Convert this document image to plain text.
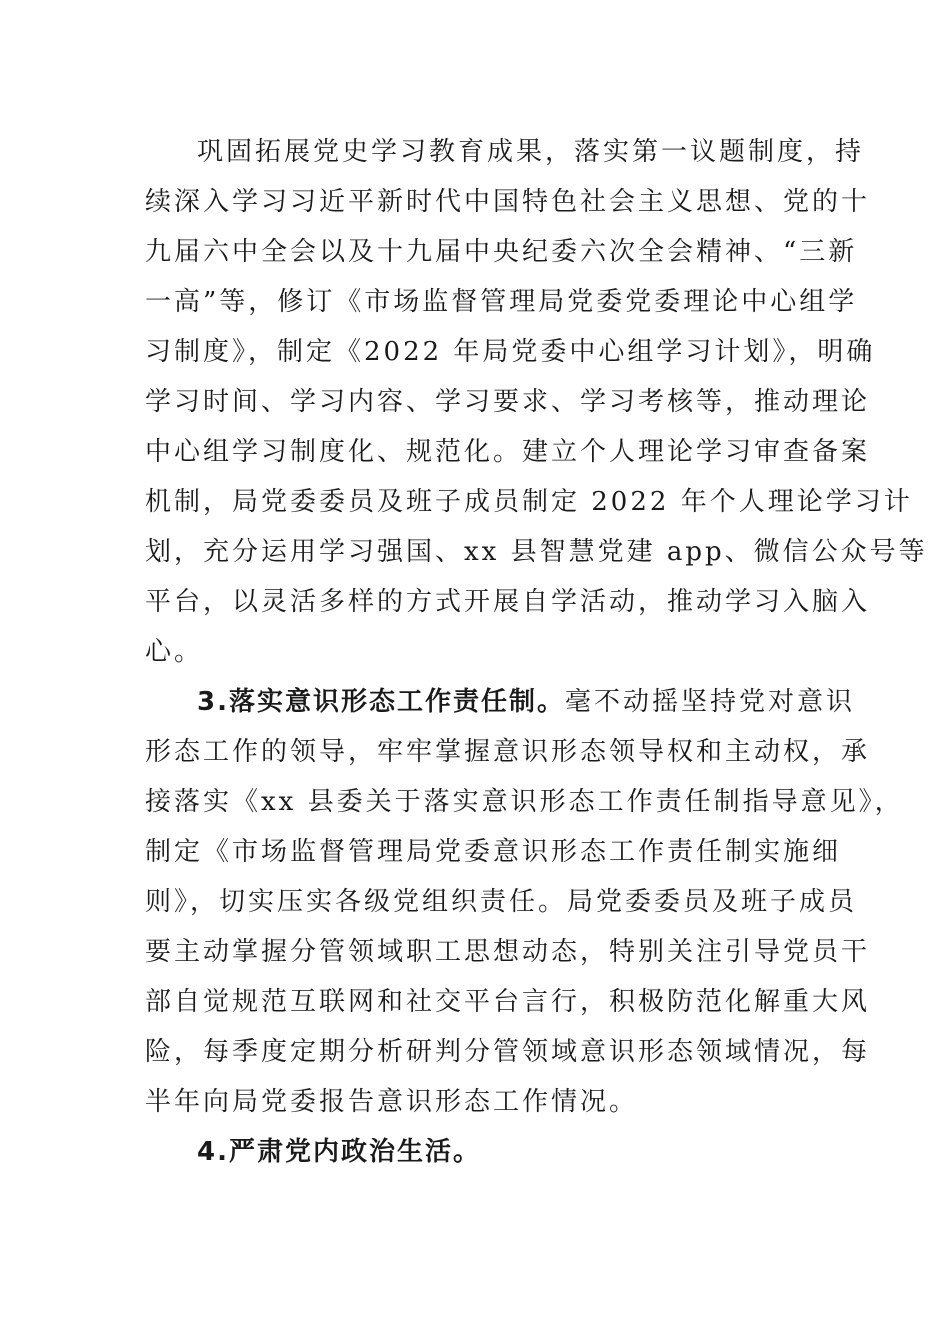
巩固拓展党史学习教育成果，落实第一议题制度，持
续深入学习习近平新时代中国特色社会主义思想、党的十
九届六中全会以及十九届中央纪委六次全会精神、“三新
一高”等，修订《市场监督管理局党委党委理论中心组学
习制度》，制定《2022 年局党委中心组学习计划》，明确
学习时间、学习内容、学习要求、学习考核等，推动理论
中心组学习制度化、规范化。建立个人理论学习审查备案
机制，局党委委员及班子成员制定 2022 年个人理论学习计
划，充分运用学习强国、xx 县智慧党建 app、微信公众号等
平台，以灵活多样的方式开展自学活动，推动学习入脑入
心。
3.落实意识形态工作责任制。 毫不动摇坚持党对意识
形态工作的领导，牢牢掌握意识形态领导权和主动权，承
接落实《xx 县委关于落实意识形态工作责任制指导意见》，
制定《市场监督管理局党委意识形态工作责任制实施细
则》，切实压实各级党组织责任。局党委委员及班子成员
要主动掌握分管领域职工思想动态，特别关注引导党员干
部自觉规范互联网和社交平台言行，积极防范化解重大风
险，每季度定期分析研判分管领域意识形态领域情况，每
半年向局党委报告意识形态工作情况。
4.严肃党内政治生活。
